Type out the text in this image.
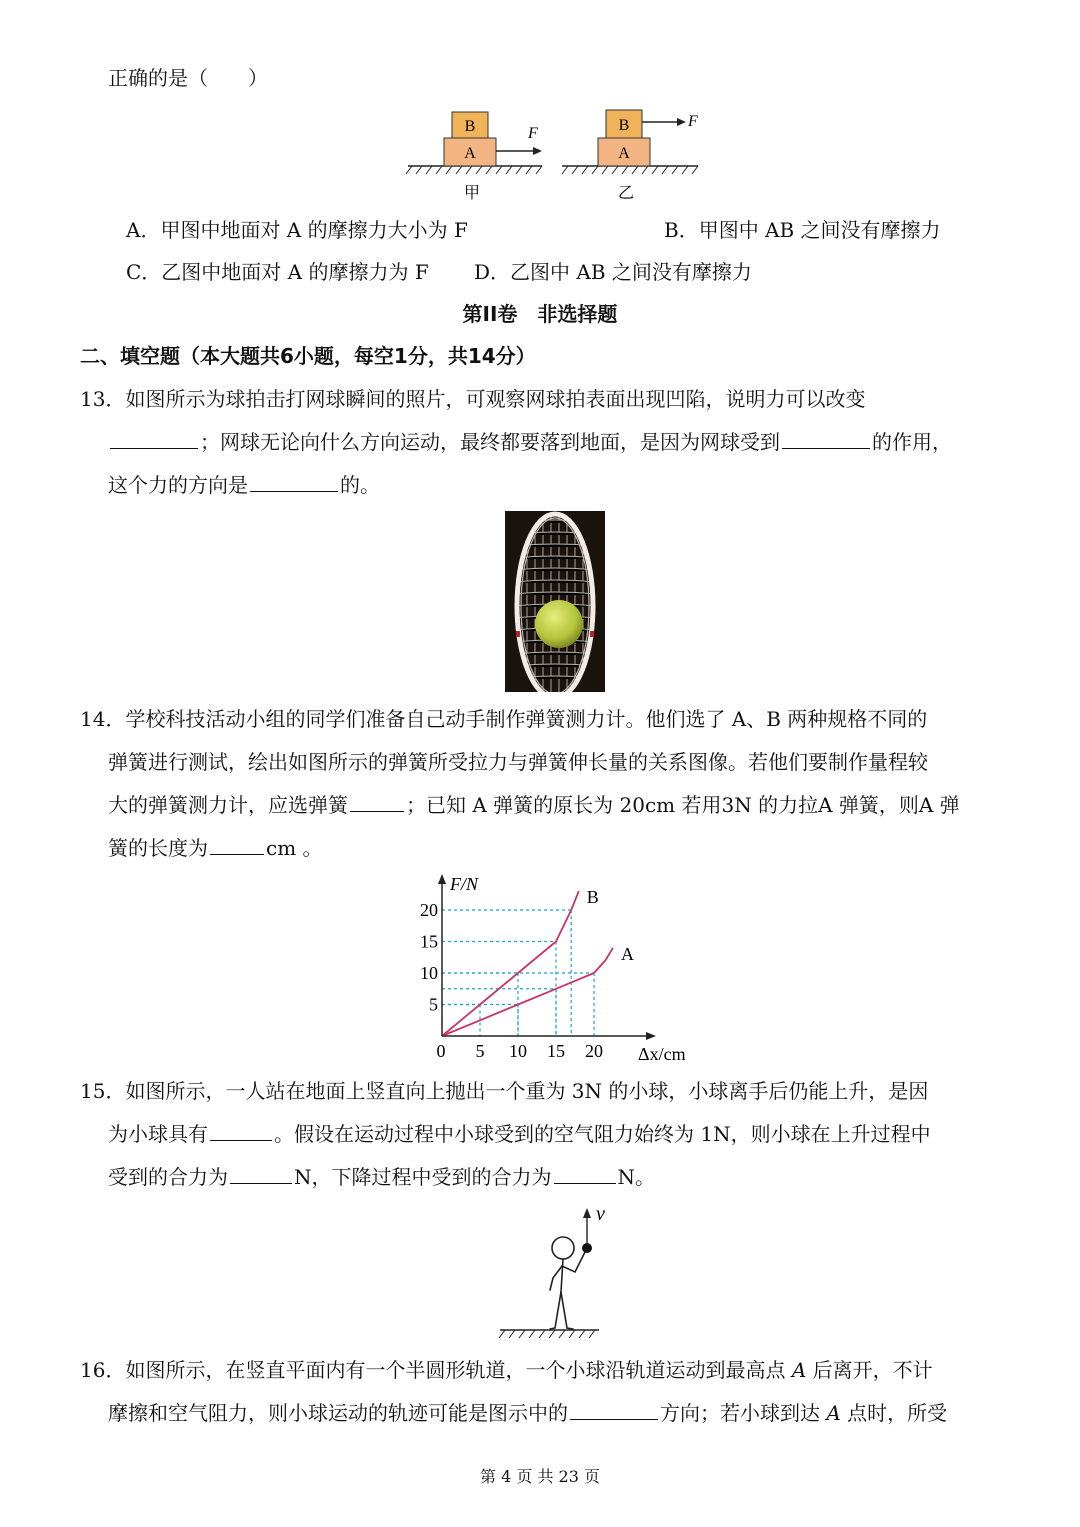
正确的是（　　）
B
A
F
甲
B
A
F
乙
A．甲图中地面对 A 的摩擦力大小为 F	B．甲图中 AB 之间没有摩擦力
C．乙图中地面对 A 的摩擦力为 F D．乙图中 AB 之间没有摩擦力
第II卷　非选择题
二、填空题（本大题共6小题，每空1分，共14分）
13．如图所示为球拍击打网球瞬间的照片，可观察网球拍表面出现凹陷，说明力可以改变
；网球无论向什么方向运动，最终都要落到地面，是因为网球受到	的作用，
这个力的方向是	的。
14．学校科技活动小组的同学们准备自己动手制作弹簧测力计。他们选了 A、B 两种规格不同的
弹簧进行测试，绘出如图所示的弹簧所受拉力与弹簧伸长量的关系图像。若他们要制作量程较
大的弹簧测力计，应选弹簧	；已知 A 弹簧的原长为 20cm 若用3N 的力拉A 弹簧，则A 弹
簧的长度为	cm 。
F/N
Δx/cm
0 5 10 15 20
5
10
15
20
B
A
15．如图所示，一人站在地面上竖直向上抛出一个重为 3N 的小球，小球离手后仍能上升，是因
为小球具有	。假设在运动过程中小球受到的空气阻力始终为 1N，则小球在上升过程中
受到的合力为	N，下降过程中受到的合力为	N。
v
16．如图所示，在竖直平面内有一个半圆形轨道，一个小球沿轨道运动到最高点 A 后离开，不计
摩擦和空气阻力，则小球运动的轨迹可能是图示中的	方向；若小球到达 A 点时，所受
第 4 页 共 23 页
